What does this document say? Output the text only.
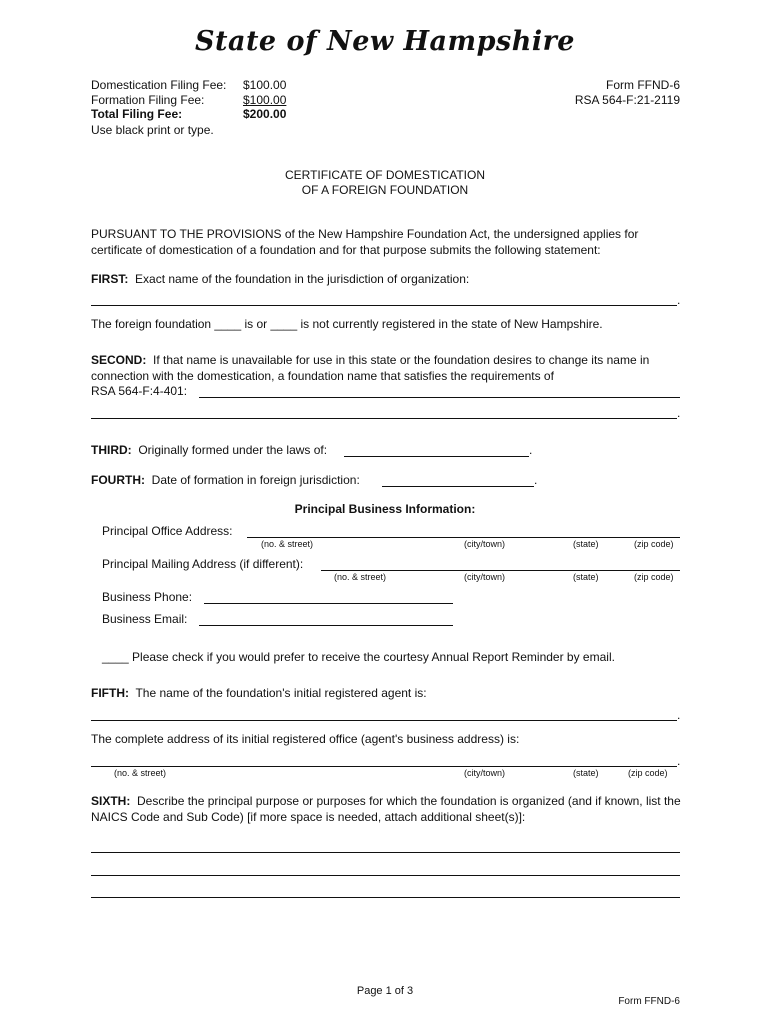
State of New Hampshire
Domestication Filing Fee: $100.00
Formation Filing Fee:	$100.00
Total Filing Fee:	$200.00
Use black print or type.
Form FFND-6
RSA 564-F:21-2119
CERTIFICATE OF DOMESTICATION
OF A FOREIGN FOUNDATION
PURSUANT TO THE PROVISIONS of the New Hampshire Foundation Act, the undersigned applies for certificate of domestication of a foundation and for that purpose submits the following statement:
FIRST: Exact name of the foundation in the jurisdiction of organization:
.
The foreign foundation ____ is or ____ is not currently registered in the state of New Hampshire.
SECOND: If that name is unavailable for use in this state or the foundation desires to change its name in connection with the domestication, a foundation name that satisfies the requirements of
RSA 564-F:4-401:
.
THIRD: Originally formed under the laws of:	.
FOURTH: Date of formation in foreign jurisdiction:	.
Principal Business Information:
Principal Office Address:
(no. & street)	(city/town)	(state)	(zip code)
Principal Mailing Address (if different):
(no. & street)	(city/town)	(state)	(zip code)
Business Phone:
Business Email:
____ Please check if you would prefer to receive the courtesy Annual Report Reminder by email.
FIFTH: The name of the foundation's initial registered agent is:
.
The complete address of its initial registered office (agent's business address) is:
.
(no. & street)	(city/town)	(state)	(zip code)
SIXTH: Describe the principal purpose or purposes for which the foundation is organized (and if known, list the NAICS Code and Sub Code) [if more space is needed, attach additional sheet(s)]:
Page 1 of 3
Form FFND-6
